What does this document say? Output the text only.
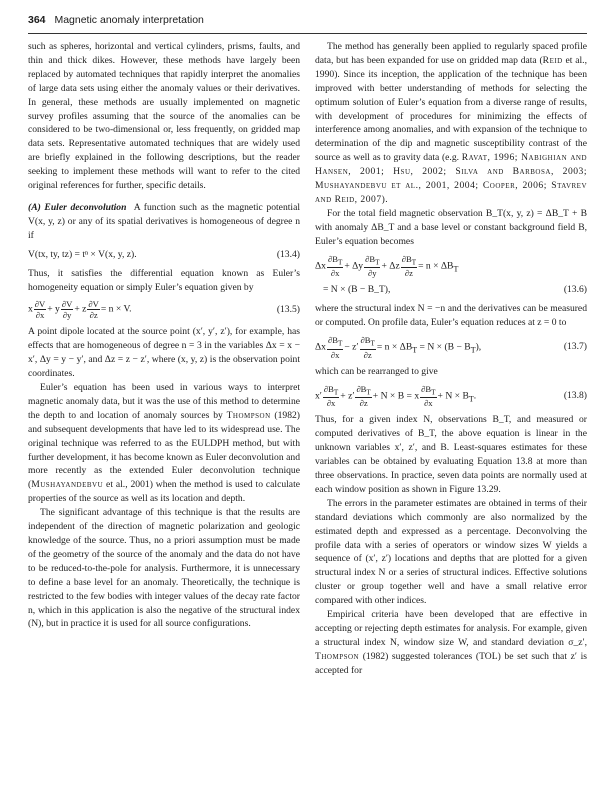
364 Magnetic anomaly interpretation

such as spheres, horizontal and vertical cylinders, prisms, faults, and thin and thick dikes. However, these methods have largely been replaced by automated techniques that rapidly interpret the anomalies of large data sets using either the anomaly values or their derivatives. In general, these methods are usually implemented on magnetic survey profiles assuming that the source of the anomalies can be considered to be two-dimensional or, less frequently, on gridded map data sets. Representative automated techniques that are widely used are briefly explained in the following descriptions, but the reader seeking to implement these methods will want to refer to the cited original references for further, specific details.

(A) Euler deconvolution A function such as the magnetic potential V(x, y, z) or any of its spatial derivatives is homogeneous of degree n if

V(tx, ty, tz) = tⁿ × V(x, y, z).	(13.4)

Thus, it satisfies the differential equation known as Euler’s homogeneity equation or simply Euler’s equation given by

x $\frac{\partial V}{\partial x} + y \frac{\partial V}{\partial y} + z \frac{\partial V}{\partial z} = n \times V$.	(13.5)

A point dipole located at the source point (x′, y′, z′), for example, has effects that are homogeneous of degree n = 3 in the variables Δx = x − x′, Δy = y − y′, and Δz = z − z′, where (x, y, z) is the observation point coordinates.

Euler’s equation has been used in various ways to interpret magnetic anomaly data, but it was the use of this method to determine the depth to and location of anomaly sources by Thompson (1982) and subsequent developments that have led to its widespread use. The original technique was referred to as the EULDPH method, but with further development, it has become known as Euler deconvolution and more recently as the extended Euler deconvolution technique (Mushayandebvu et al., 2001) when the method is used to calculate properties of the source as well as its location and depth.

The significant advantage of this technique is that the results are independent of the direction of magnetic polarization and geologic knowledge of the source. Thus, no a priori assumption must be made of the geometry of the source of the anomaly and the data do not have to be reduced-to-the-pole for analysis. Furthermore, it is unnecessary to define a base level for an anomaly. Theoretically, the technique is restricted to the few bodies with integer values of the decay rate factor n, which in this application is also the negative of the structural index (N), but in practice it is used for all source configurations.

The method has generally been applied to regularly spaced profile data, but has been expanded for use on gridded map data (Reid et al., 1990). Since its inception, the application of the technique has been improved with better understanding of methods for selecting the optimum solution of Euler’s equation from a diverse range of results, with development of procedures for minimizing the effects of interference among anomalies, and with expansion of the technique to determination of the dip and magnetic susceptibility contrast of the source as well as to gravity data (e.g. Ravat, 1996; Nabighian and Hansen, 2001; Hsu, 2002; Silva and Barbosa, 2003; Mushayandebvu et al., 2001, 2004; Cooper, 2006; Stavrev and Reid, 2007).

For the total field magnetic observation B_T(x, y, z) = ΔB_T + B with anomaly ΔB_T and a base level or constant background field B, Euler’s equation becomes

Δx $\frac{\partial B_T}{\partial x} + \Delta y \frac{\partial B_T}{\partial y} + \Delta z \frac{\partial B_T}{\partial z} = n \times \Delta B_T$
= N × (B − B_T),	(13.6)

where the structural index N = −n and the derivatives can be measured or computed. On profile data, Euler’s equation reduces at z = 0 to

Δx $\frac{\partial B_T}{\partial x} - z' \frac{\partial B_T}{\partial z} = n \times \Delta B_T = N \times (B - B_T)$,	(13.7)

which can be rearranged to give

$x' \frac{\partial B_T}{\partial x} + z' \frac{\partial B_T}{\partial z} + N \times B = x \frac{\partial B_T}{\partial x} + N \times B_T$.	(13.8)

Thus, for a given index N, observations B_T, and measured or computed derivatives of B_T, the above equation is linear in the unknown variables x′, z′, and B. Least-squares estimates for these variables can be obtained by evaluating Equation 13.8 at more than three observations. In practice, seven data points are normally used at each window position as shown in Figure 13.29.

The errors in the parameter estimates are obtained in terms of their standard deviations which commonly are also normalized by the estimated depth and expressed as a percentage. Deconvolving the profile data with a series of operators or window sizes W yields a sequence of (x′, z′) locations and depths that are plotted for a given structural index N or a series of structural indices. Effective solutions cluster or group together well and have a small relative error compared with other indices.

Empirical criteria have been developed that are effective in accepting or rejecting depth estimates for analysis. For example, given a structural index N, window size W, and standard deviation σ_z′, Thompson (1982) suggested tolerances (TOL) be set such that z′ is accepted for
